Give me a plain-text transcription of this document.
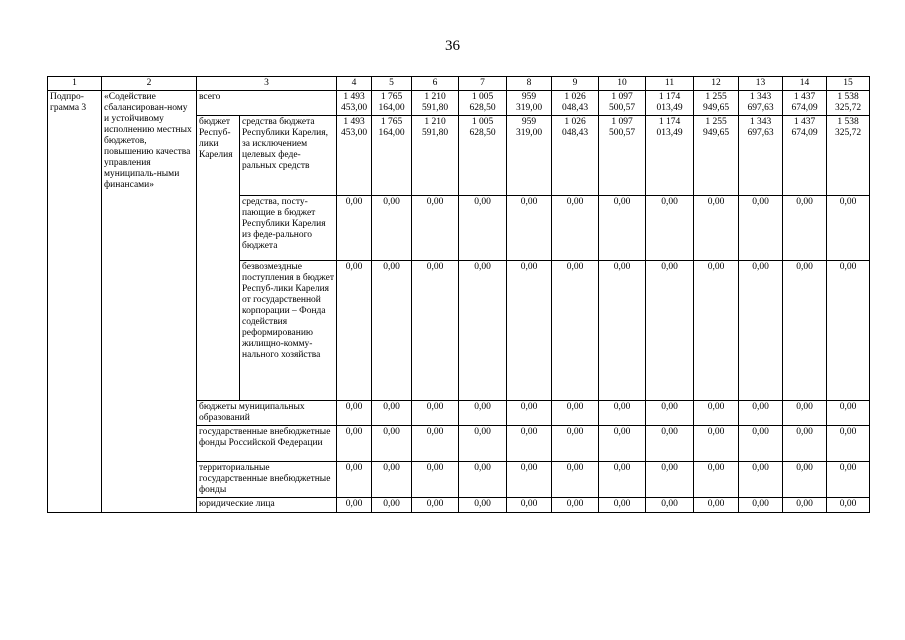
36
1	2	3		4	5	6	7	8	9	10	11	12	13	14	15
Подпро-грамма 3	«Содействие сбалансирован-ному и устойчивому исполнению местных бюджетов, повышению качества управления муниципаль-ными финансами»	всего		1 493 453,00	1 765 164,00	1 210 591,80	1 005 628,50	959 319,00	1 026 048,43	1 097 500,57	1 174 013,49	1 255 949,65	1 343 697,63	1 437 674,09	1 538 325,72
		бюджет Респуб-лики Карелия	средства бюджета Республики Карелия, за исключением целевых феде-ральных средств	1 493 453,00	1 765 164,00	1 210 591,80	1 005 628,50	959 319,00	1 026 048,43	1 097 500,57	1 174 013,49	1 255 949,65	1 343 697,63	1 437 674,09	1 538 325,72
			средства, посту-пающие в бюджет Республики Карелия из феде-рального бюджета	0,00	0,00	0,00	0,00	0,00	0,00	0,00	0,00	0,00	0,00	0,00	0,00
			безвозмездные поступления в бюджет Респуб-лики Карелия от государственной корпорации – Фонда содействия реформированию жилищно-комму-нального хозяйства	0,00	0,00	0,00	0,00	0,00	0,00	0,00	0,00	0,00	0,00	0,00	0,00
		бюджеты муниципальных образований		0,00	0,00	0,00	0,00	0,00	0,00	0,00	0,00	0,00	0,00	0,00	0,00
		государственные внебюджетные фонды Российской Федерации		0,00	0,00	0,00	0,00	0,00	0,00	0,00	0,00	0,00	0,00	0,00	0,00
		территориальные государственные внебюджетные фонды		0,00	0,00	0,00	0,00	0,00	0,00	0,00	0,00	0,00	0,00	0,00	0,00
		юридические лица		0,00	0,00	0,00	0,00	0,00	0,00	0,00	0,00	0,00	0,00	0,00	0,00
